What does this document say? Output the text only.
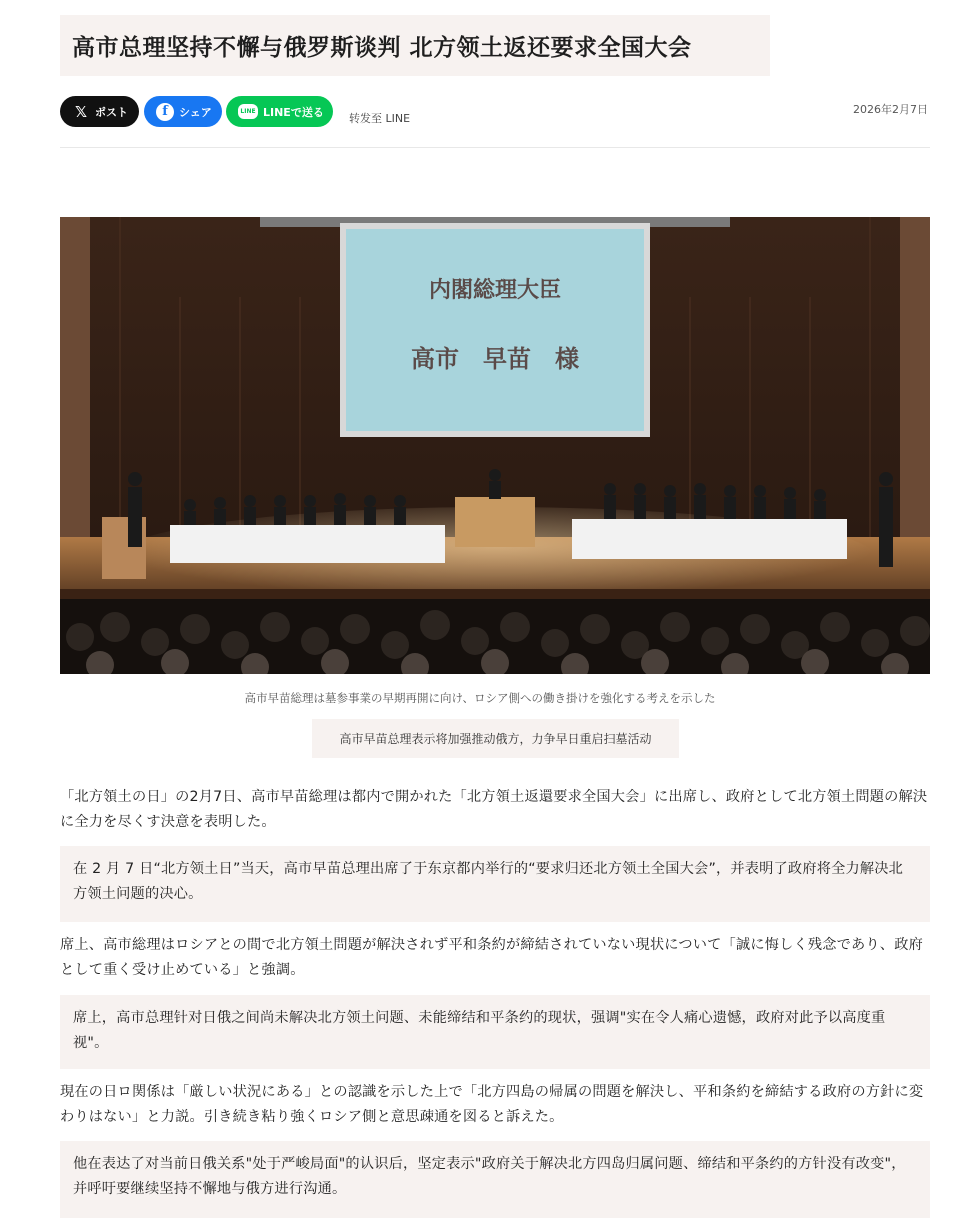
高市总理坚持不懈与俄罗斯谈判 北方领土返还要求全国大会
𝕏 ポスト	f	シェア	LINE LINEで送る 转发至 LINE
2026年2月7日
内閣総理大臣
高市　早苗　様
高市早苗総理は墓参事業の早期再開に向け、ロシア側への働き掛けを強化する考えを示した
高市早苗总理表示将加强推动俄方，力争早日重启扫墓活动
「北方領土の日」の2月7日、高市早苗総理は都内で開かれた「北方領土返還要求全国大会」に出席し、政府として北方領土問題の解決に全力を尽くす決意を表明した。
在 2 月 7 日“北方领土日”当天，高市早苗总理出席了于东京都内举行的“要求归还北方领土全国大会”，并表明了政府将全力解决北方领土问题的决心。
席上、高市総理はロシアとの間で北方領土問題が解決されず平和条約が締結されていない現状について「誠に悔しく残念であり、政府として重く受け止めている」と強調。
席上，高市总理针对日俄之间尚未解决北方领土问题、未能缔结和平条约的现状，强调"实在令人痛心遗憾，政府对此予以高度重视"。
現在の日ロ関係は「厳しい状況にある」との認識を示した上で「北方四島の帰属の問題を解決し、平和条約を締結する政府の方針に変わりはない」と力説。引き続き粘り強くロシア側と意思疎通を図ると訴えた。
他在表达了对当前日俄关系"处于严峻局面"的认识后，坚定表示"政府关于解决北方四岛归属问题、缔结和平条约的方针没有改变"，并呼吁要继续坚持不懈地与俄方进行沟通。
